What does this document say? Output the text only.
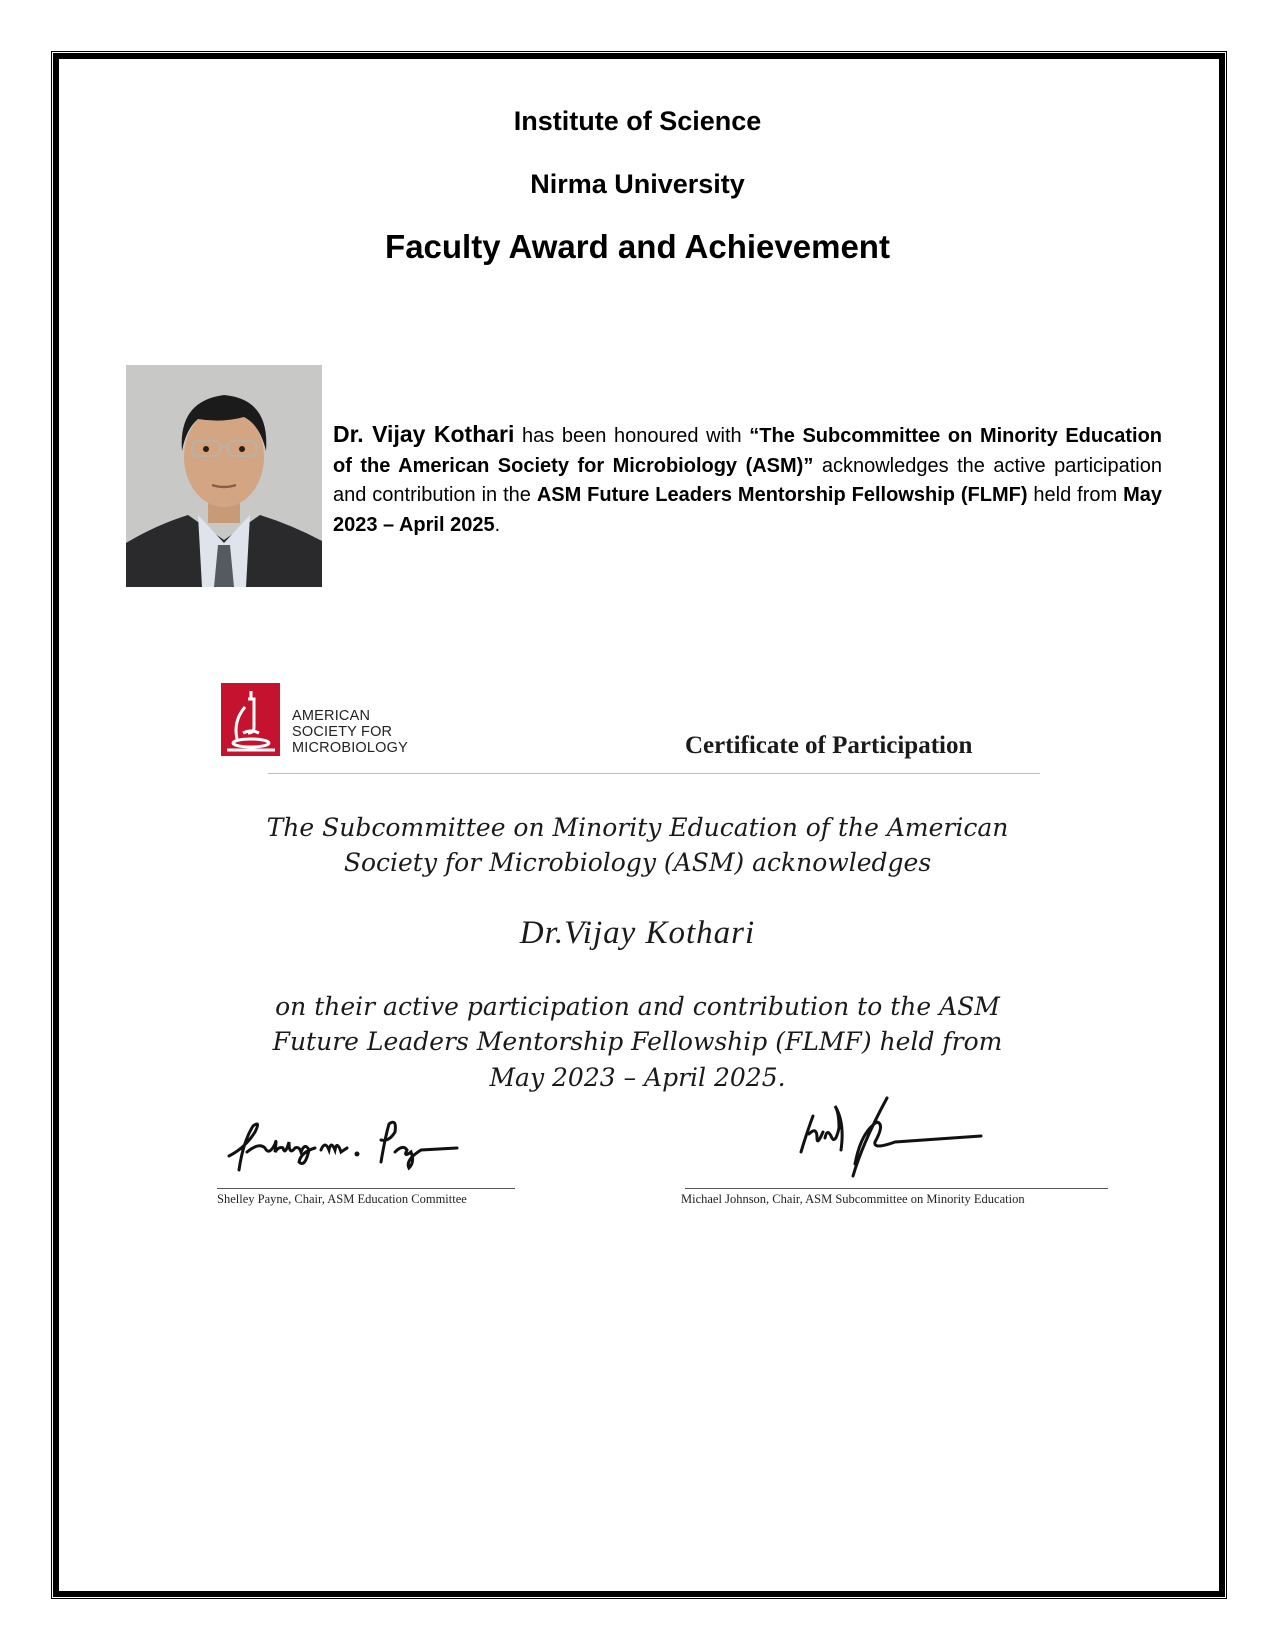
Institute of Science
Nirma University
Faculty Award and Achievement
Dr. Vijay Kothari has been honoured with “The Subcommittee on Minority Education of the American Society for Microbiology (ASM)” acknowledges the active participation and contribution in the ASM Future Leaders Mentorship Fellowship (FLMF) held from May 2023 – April 2025.
AMERICAN
SOCIETY FOR
MICROBIOLOGY	Certificate of Participation
The Subcommittee on Minority Education of the American
Society for Microbiology (ASM) acknowledges
Dr.Vijay Kothari
on their active participation and contribution to the ASM
Future Leaders Mentorship Fellowship (FLMF) held from
May 2023 – April 2025.
Shelley Payne, Chair, ASM Education Committee	Michael Johnson, Chair, ASM Subcommittee on Minority Education
